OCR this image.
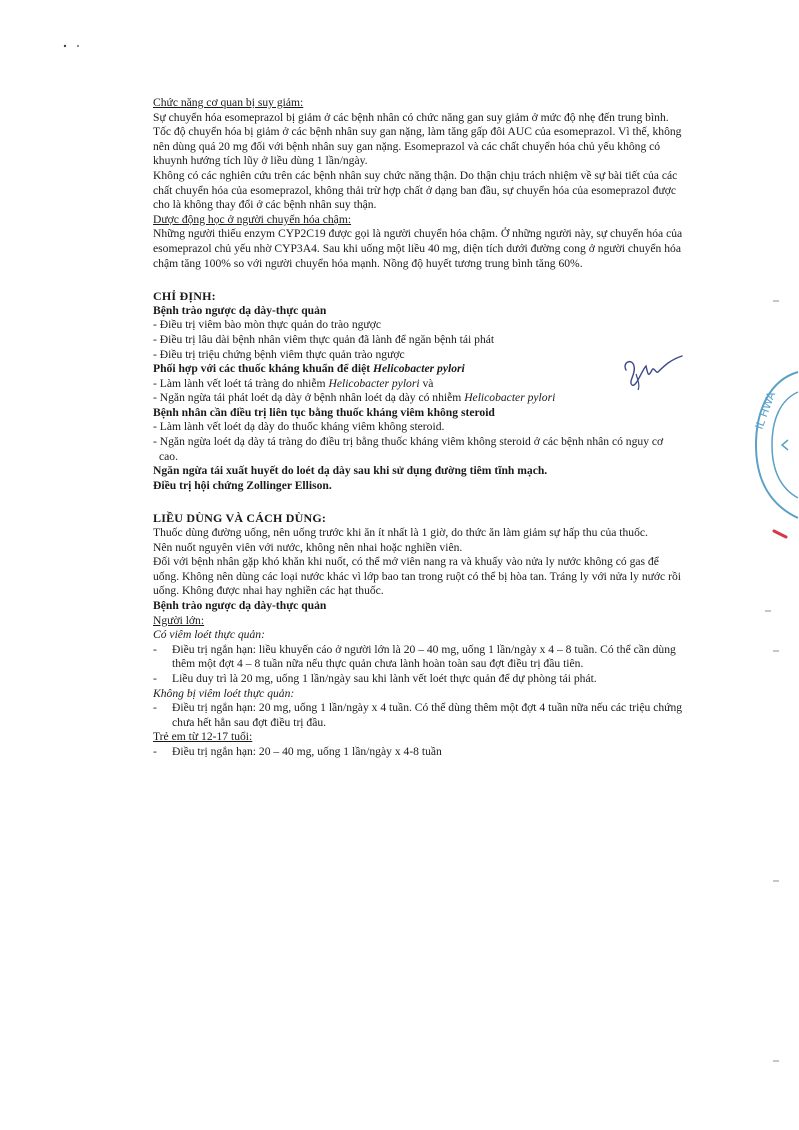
IL HWA

Chức năng cơ quan bị suy giảm:

Sự chuyển hóa esomeprazol bị giảm ở các bệnh nhân có chức năng gan suy giảm ở mức độ nhẹ đến trung bình. Tốc độ chuyển hóa bị giảm ở các bệnh nhân suy gan nặng, làm tăng gấp đôi AUC của esomeprazol. Vì thế, không nên dùng quá 20 mg đối với bệnh nhân suy gan nặng. Esomeprazol và các chất chuyển hóa chủ yếu không có khuynh hướng tích lũy ở liều dùng 1 lần/ngày.

Không có các nghiên cứu trên các bệnh nhân suy chức năng thận. Do thận chịu trách nhiệm về sự bài tiết của các chất chuyển hóa của esomeprazol, không thải trừ hợp chất ở dạng ban đầu, sự chuyển hóa của esomeprazol được cho là không thay đổi ở các bệnh nhân suy thận.

Dược động học ở người chuyển hóa chậm:

Những người thiếu enzym CYP2C19 được gọi là người chuyển hóa chậm. Ở những người này, sự chuyển hóa của esomeprazol chủ yếu nhờ CYP3A4. Sau khi uống một liều 40 mg, diện tích dưới đường cong ở người chuyển hóa chậm tăng 100% so với người chuyển hóa mạnh. Nồng độ huyết tương trung bình tăng 60%.

CHỈ ĐỊNH:

Bệnh trào ngược dạ dày-thực quản

- Điều trị viêm bào mòn thực quản do trào ngược

- Điều trị lâu dài bệnh nhân viêm thực quản đã lành để ngăn bệnh tái phát

- Điều trị triệu chứng bệnh viêm thực quản trào ngược

Phối hợp với các thuốc kháng khuẩn để diệt Helicobacter pylori

- Làm lành vết loét tá tràng do nhiễm Helicobacter pylori và

- Ngăn ngừa tái phát loét dạ dày ở bệnh nhân loét dạ dày có nhiễm Helicobacter pylori

Bệnh nhân cần điều trị liên tục bằng thuốc kháng viêm không steroid

- Làm lành vết loét dạ dày do thuốc kháng viêm không steroid.

- Ngăn ngừa loét dạ dày tá tràng do điều trị bằng thuốc kháng viêm không steroid ở các bệnh nhân có nguy cơ cao.

Ngăn ngừa tái xuất huyết do loét dạ dày sau khi sử dụng đường tiêm tĩnh mạch.

Điều trị hội chứng Zollinger Ellison.

LIỀU DÙNG VÀ CÁCH DÙNG:

Thuốc dùng đường uống, nên uống trước khi ăn ít nhất là 1 giờ, do thức ăn làm giảm sự hấp thu của thuốc.

Nên nuốt nguyên viên với nước, không nên nhai hoặc nghiền viên.

Đối với bệnh nhân gặp khó khăn khi nuốt, có thể mở viên nang ra và khuấy vào nửa ly nước không có gas để uống. Không nên dùng các loại nước khác vì lớp bao tan trong ruột có thể bị hòa tan. Tráng ly với nửa ly nước rồi uống. Không được nhai hay nghiền các hạt thuốc.

Bệnh trào ngược dạ dày-thực quản

Người lớn:

Có viêm loét thực quản:

-	Điều trị ngắn hạn: liều khuyến cáo ở người lớn là 20 – 40 mg, uống 1 lần/ngày x 4 – 8 tuần. Có thể cần dùng thêm một đợt 4 – 8 tuần nữa nếu thực quản chưa lành hoàn toàn sau đợt điều trị đầu tiên.
-	Liều duy trì là 20 mg, uống 1 lần/ngày sau khi lành vết loét thực quản để dự phòng tái phát.

Không bị viêm loét thực quản:

-	Điều trị ngắn hạn: 20 mg, uống 1 lần/ngày x 4 tuần. Có thể dùng thêm một đợt 4 tuần nữa nếu các triệu chứng chưa hết hẳn sau đợt điều trị đầu.

Trẻ em từ 12-17 tuổi:

-	Điều trị ngắn hạn: 20 – 40 mg, uống 1 lần/ngày x 4-8 tuần
